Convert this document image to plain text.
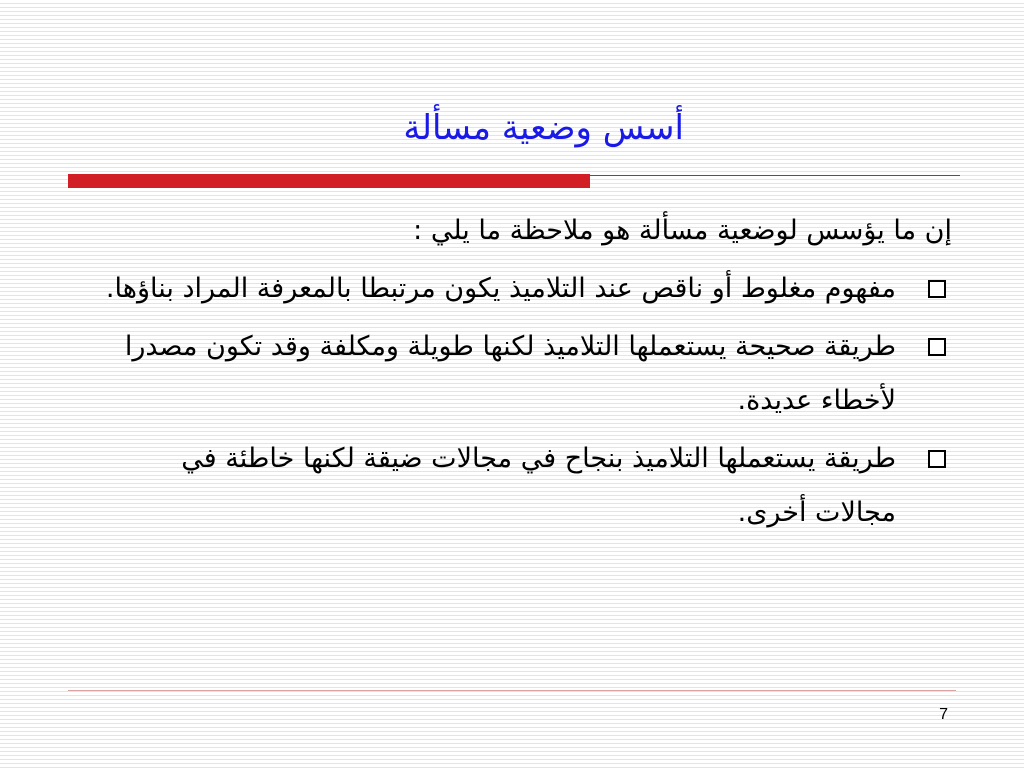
أسس وضعية مسألة
إن ما يؤسس لوضعية مسألة هو ملاحظة ما يلي :
مفهوم مغلوط أو ناقص عند التلاميذ يكون مرتبطا بالمعرفة المراد بناؤها.
طريقة صحيحة يستعملها التلاميذ لكنها طويلة ومكلفة وقد تكون مصدرا لأخطاء عديدة.
طريقة يستعملها التلاميذ بنجاح في مجالات ضيقة لكنها خاطئة في مجالات أخرى.
7
